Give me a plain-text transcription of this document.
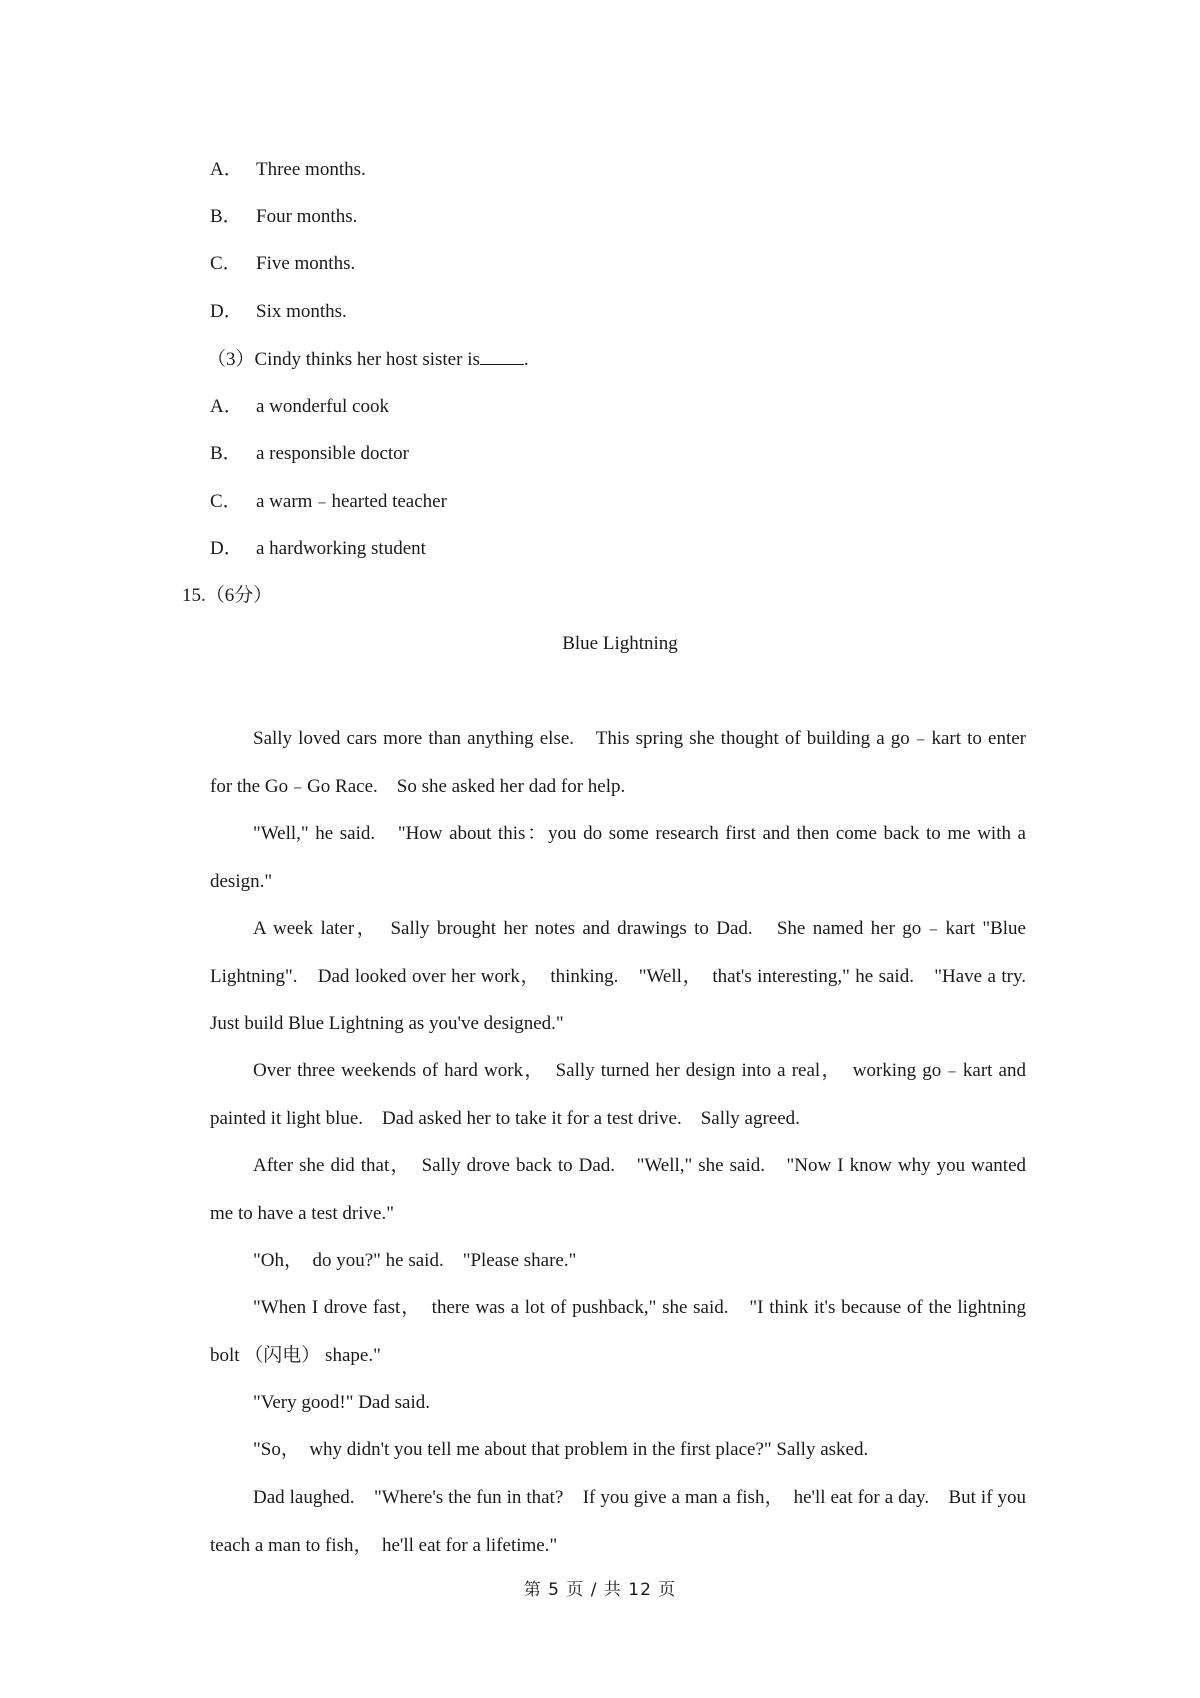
A． Three months.
B． Four months.
C． Five months.
D． Six months.
（3）Cindy thinks her host sister is .
A． a wonderful cook
B． a responsible doctor
C． a warm﹣hearted teacher
D． a hardworking student
15.（6分）
Blue Lightning

Sally loved cars more than anything else.　This spring she thought of building a go﹣kart to enter for the Go﹣Go Race.　So she asked her dad for help.

"Well," he said.　"How about this：you do some research first and then come back to me with a design."

A week later，　Sally brought her notes and drawings to Dad.　She named her go﹣kart "Blue Lightning".　Dad looked over her work，　thinking.　"Well，　that's interesting," he said.　"Have a try.　Just build Blue Lightning as you've designed."

Over three weekends of hard work，　Sally turned her design into a real，　working go﹣kart and painted it light blue.　Dad asked her to take it for a test drive.　Sally agreed.

After she did that，　Sally drove back to Dad.　"Well," she said.　"Now I know why you wanted me to have a test drive."

"Oh，　do you?" he said.　"Please share."

"When I drove fast，　there was a lot of pushback," she said.　"I think it's because of the lightning bolt （闪电） shape."

"Very good!" Dad said.

"So，　why didn't you tell me about that problem in the first place?" Sally asked.

Dad laughed.　"Where's the fun in that?　If you give a man a fish，　he'll eat for a day.　But if you teach a man to fish，　he'll eat for a lifetime."

第 5 页 / 共 12 页
